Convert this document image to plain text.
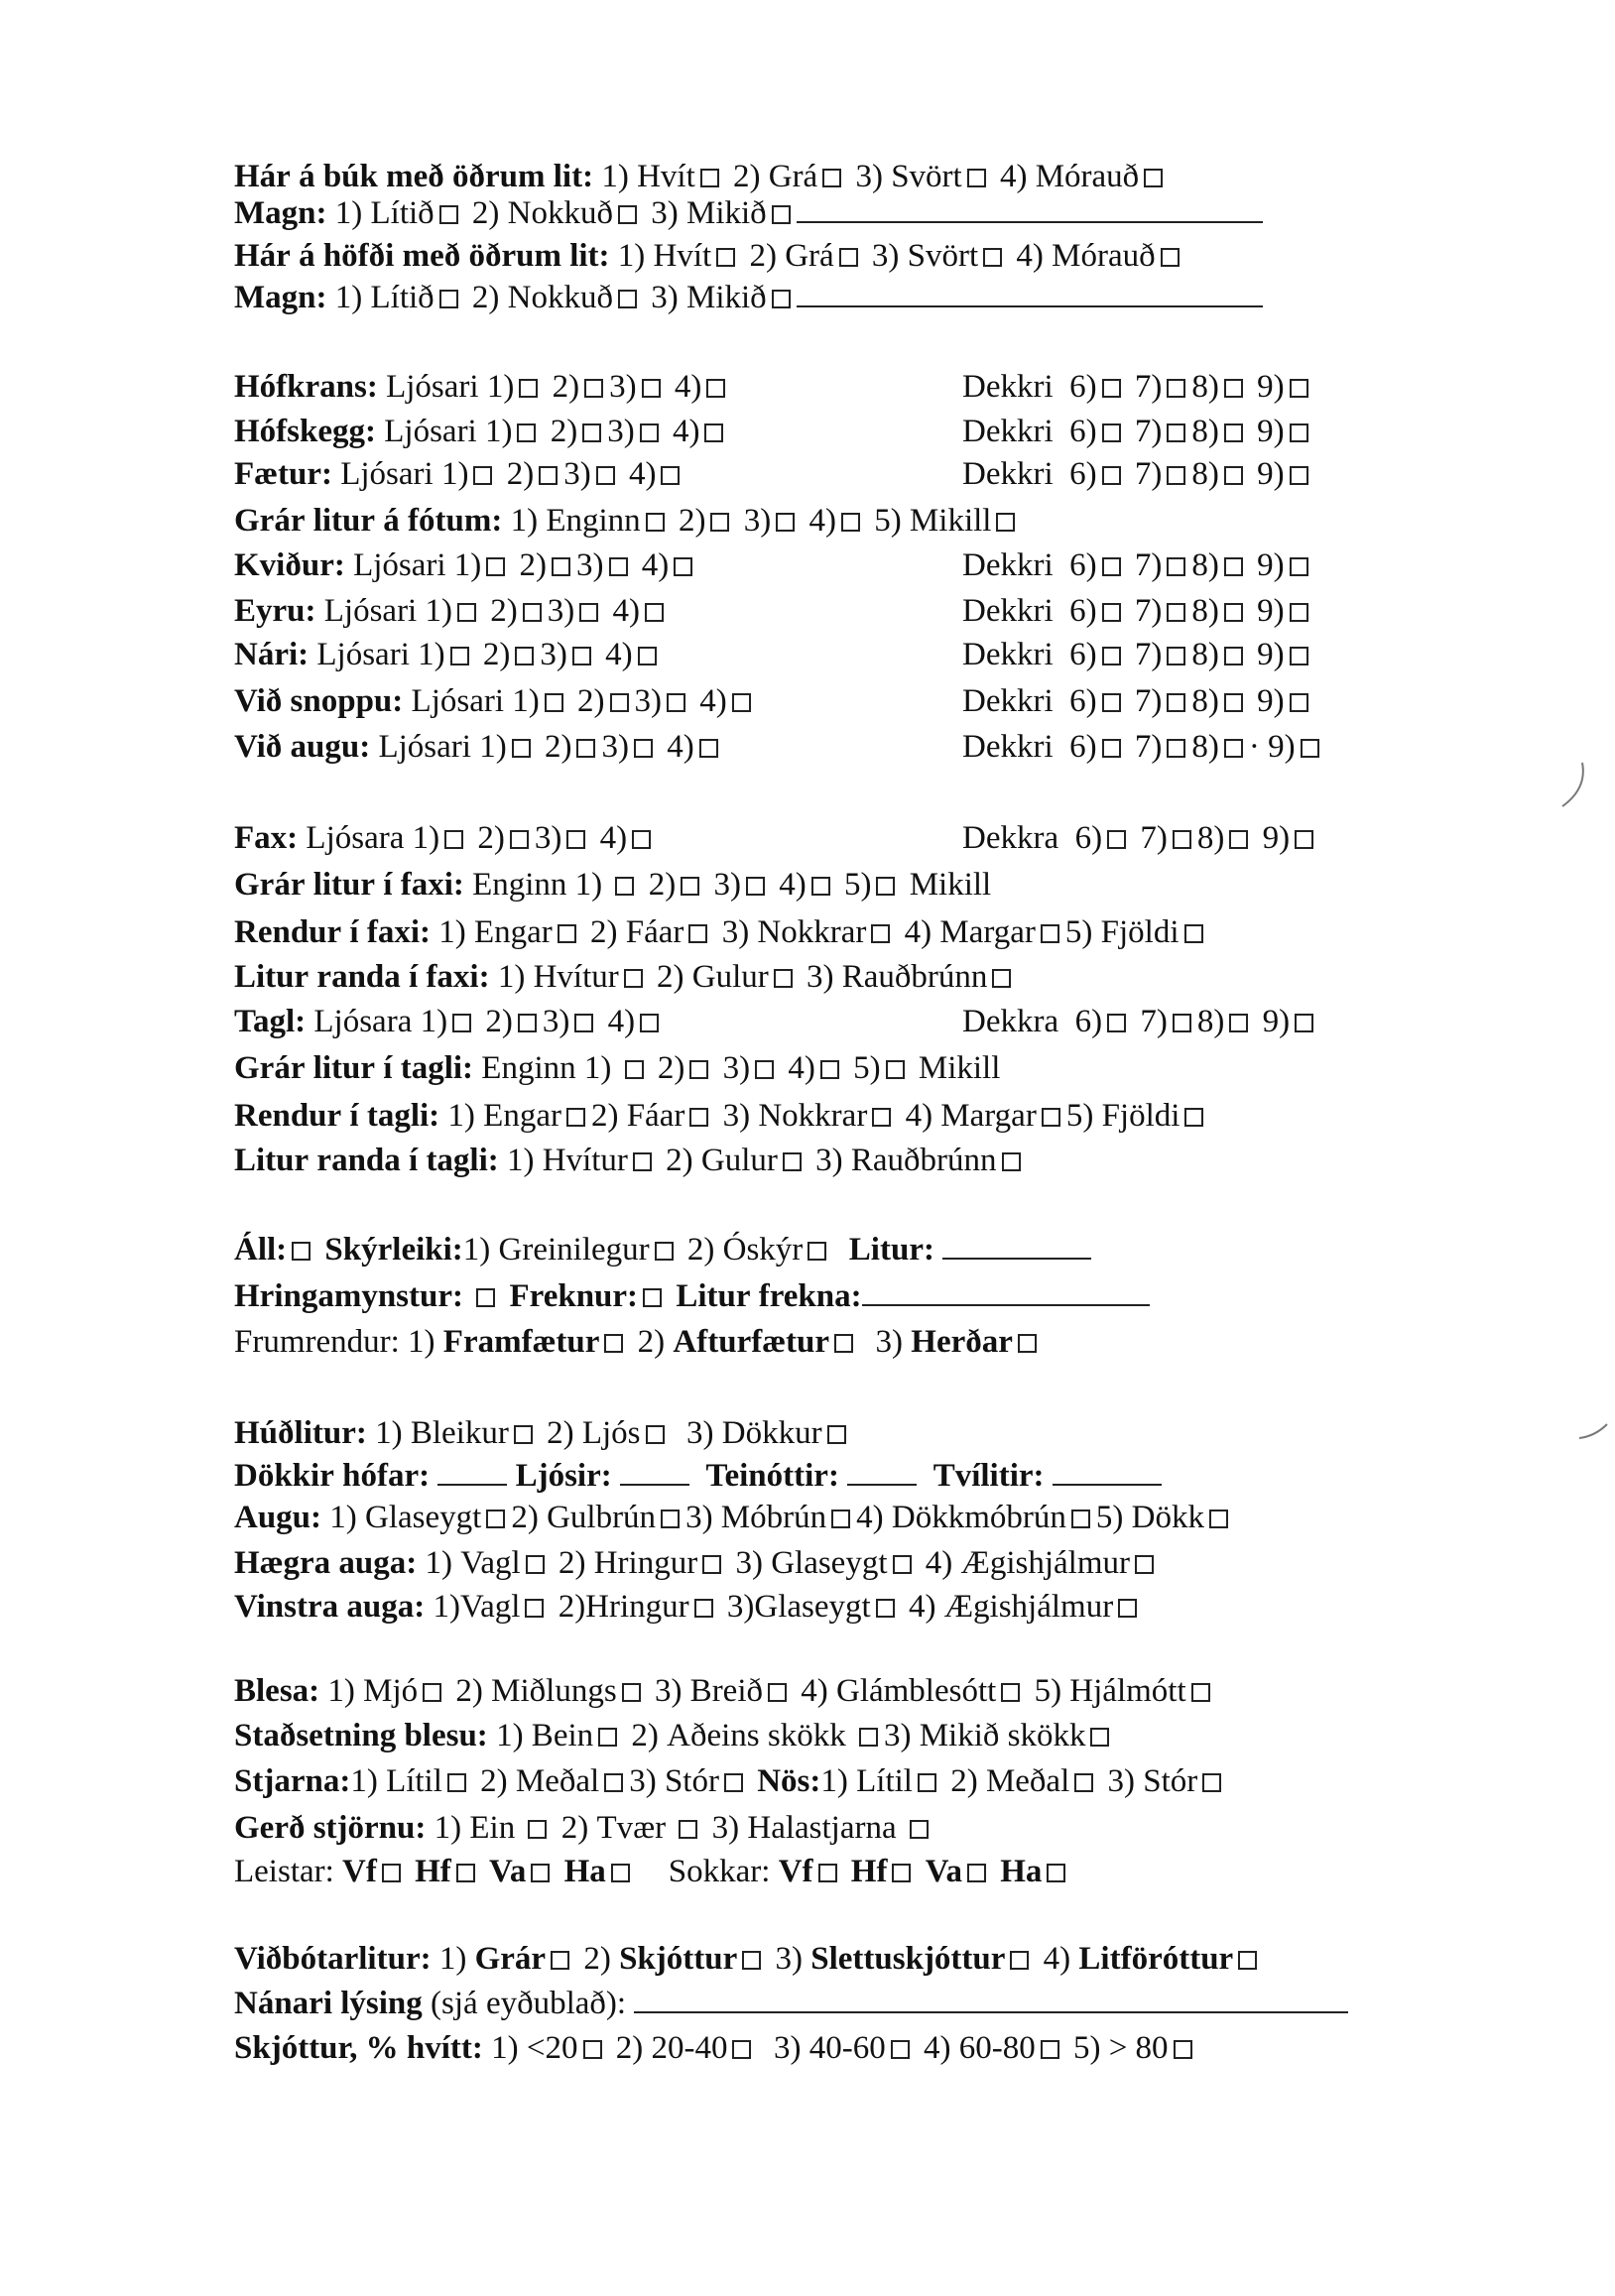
Hár á búk með öðrum lit: 1) Hvít 2) Grá 3) Svört 4) Mórauð
Magn: 1) Lítið 2) Nokkuð 3) Mikið
Hár á höfði með öðrum lit: 1) Hvít 2) Grá 3) Svört 4) Mórauð
Magn: 1) Lítið 2) Nokkuð 3) Mikið
Hófkrans: Ljósari 1) 2) 3) 4)	Dekkri  6) 7) 8) 9)
Hófskegg: Ljósari 1) 2) 3) 4)	Dekkri  6) 7) 8) 9)
Fætur: Ljósari 1) 2) 3) 4)	Dekkri  6) 7) 8) 9)
Grár litur á fótum: 1) Enginn 2) 3) 4) 5) Mikill
Kviður: Ljósari 1) 2) 3) 4)	Dekkri  6) 7) 8) 9)
Eyru: Ljósari 1) 2) 3) 4)	Dekkri  6) 7) 8) 9)
Nári: Ljósari 1) 2) 3) 4)	Dekkri  6) 7) 8) 9)
Við snoppu: Ljósari 1) 2) 3) 4)	Dekkri  6) 7) 8) 9)
Við augu: Ljósari 1) 2) 3) 4)	Dekkri  6) 7) 8) · 9)
Fax: Ljósara 1) 2) 3) 4)	Dekkra  6) 7) 8) 9)
Grár litur í faxi: Enginn 1)  2) 3) 4) 5) Mikill
Rendur í faxi: 1) Engar 2) Fáar 3) Nokkrar 4) Margar 5) Fjöldi
Litur randa í faxi: 1) Hvítur 2) Gulur 3) Rauðbrúnn
Tagl: Ljósara 1) 2) 3) 4)	Dekkra  6) 7) 8) 9)
Grár litur í tagli: Enginn 1)  2) 3) 4) 5) Mikill
Rendur í tagli: 1) Engar 2) Fáar 3) Nokkrar 4) Margar 5) Fjöldi
Litur randa í tagli: 1) Hvítur 2) Gulur 3) Rauðbrúnn
Áll: Skýrleiki:1) Greinilegur 2) Óskýr  Litur:
Hringamynstur:  Freknur: Litur frekna:
Frumrendur: 1) Framfætur 2) Afturfætur  3) Herðar
Húðlitur: 1) Bleikur 2) Ljós  3) Dökkur
Dökkir hófar:  Ljósir:   Teinóttir:   Tvílitir:
Augu: 1) Glaseygt 2) Gulbrún 3) Móbrún 4) Dökkmóbrún 5) Dökk
Hægra auga: 1) Vagl 2) Hringur 3) Glaseygt 4) Ægishjálmur
Vinstra auga: 1)Vagl 2)Hringur 3)Glaseygt 4) Ægishjálmur
Blesa: 1) Mjó 2) Miðlungs 3) Breið 4) Glámblesótt 5) Hjálmótt
Staðsetning blesu: 1) Bein 2) Aðeins skökk 3) Mikið skökk
Stjarna:1) Lítil 2) Meðal 3) Stór Nös:1) Lítil 2) Meðal 3) Stór
Gerð stjörnu: 1) Ein  2) Tvær  3) Halastjarna
Leistar: Vf Hf Va Ha    Sokkar: Vf Hf Va Ha
Viðbótarlitur: 1) Grár 2) Skjóttur 3) Slettuskjóttur 4) Litföróttur
Nánari lýsing (sjá eyðublað):
Skjóttur, % hvítt: 1) <20 2) 20-40  3) 40-60 4) 60-80 5) > 80
